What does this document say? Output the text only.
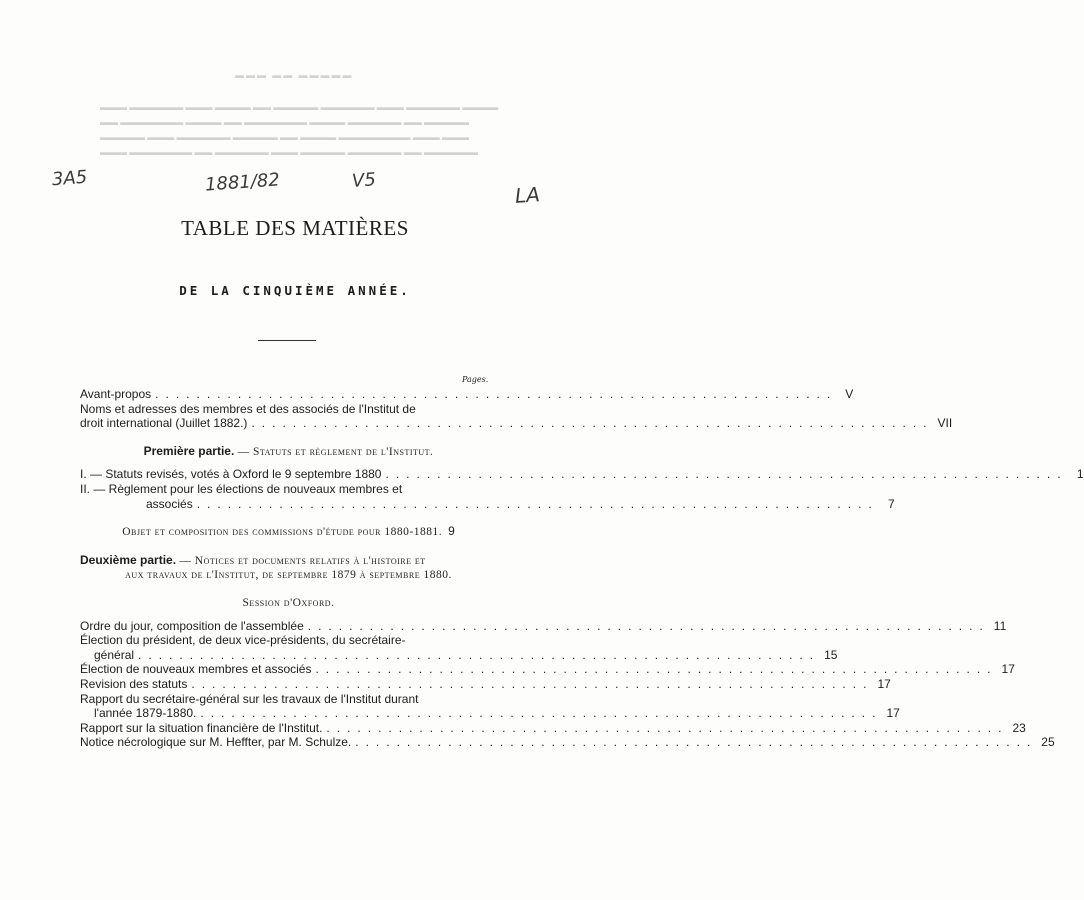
▬▬▬ ▬▬ ▬▬▬▬▬
▬▬▬ ▬▬▬▬▬▬ ▬▬▬ ▬▬▬▬ ▬▬ ▬▬▬▬▬ ▬▬▬▬▬▬ ▬▬▬ ▬▬▬▬▬▬ ▬▬▬▬
▬▬ ▬▬▬▬▬▬▬ ▬▬▬▬ ▬▬ ▬▬▬▬▬▬▬ ▬▬▬▬ ▬▬▬▬▬▬ ▬▬ ▬▬▬▬▬
▬▬▬▬▬ ▬▬▬ ▬▬▬▬▬▬ ▬▬▬▬▬ ▬▬ ▬▬▬▬ ▬▬▬▬▬▬▬▬ ▬▬▬ ▬▬▬
▬▬▬ ▬▬▬▬▬▬▬ ▬▬ ▬▬▬▬▬▬ ▬▬▬ ▬▬▬▬▬ ▬▬▬▬▬▬ ▬▬ ▬▬▬▬▬▬
3A5	1881/82	V5
LA
TABLE DES MATIÈRES
DE LA CINQUIÈME ANNÉE.
Pages.
Avant-propos .................................................................. V
Noms et adresses des membres et des associés de l'Institut de
droit international (Juillet 1882.) .................................................................. VII
Première partie. — Statuts et règlement de l'Institut.
I. — Statuts revisés, votés à Oxford le 9 septembre 1880 .................................................................. 1
II. — Règlement pour les élections de nouveaux membres et
associés .................................................................. 7
Objet et composition des commissions d'étude pour 1880-1881. 9
Deuxième partie. — Notices et documents relatifs à l'histoire et
aux travaux de l'Institut, de septembre 1879 à septembre 1880.
Session d'Oxford.
Ordre du jour, composition de l'assemblée .................................................................. 11
Élection du président, de deux vice-présidents, du secrétaire-
général .................................................................. 15
Élection de nouveaux membres et associés .................................................................. 17
Revision des statuts .................................................................. 17
Rapport du secrétaire-général sur les travaux de l'Institut durant
l'année 1879-1880. .................................................................. 17
Rapport sur la situation financière de l'Institut. .................................................................. 23
Notice nécrologique sur M. Heffter, par M. Schulze. .................................................................. 25
